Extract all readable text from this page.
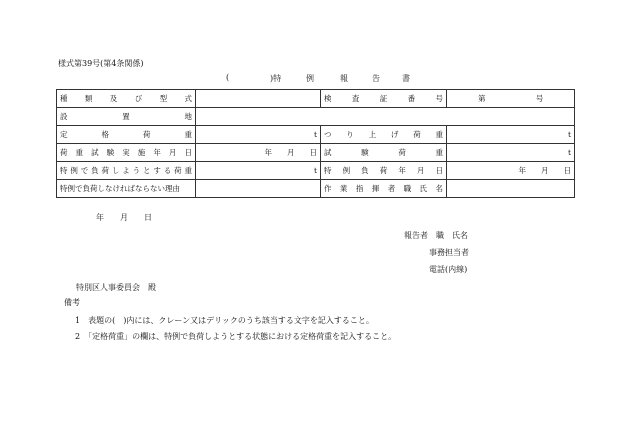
様式第39号(第4条関係)
(	)特	例	報	告	書
種　類　及　び　型　式		検　査　証　番　号	第 号
設　置　地			
定　格　荷　重	t	つ　り　上　げ　荷　重	t
荷 重 試 験 実 施 年 月 日	年　　月　　日	試　験　荷　重	t
特例で負荷しようとする荷重	t	特　例　負　荷　年　月　日	年　　月　　日
特例で負荷しなければならない理由		作 業 指 揮 者 職 氏 名	
年　　月　　日
報告者　職　氏名
事務担当者
電話(内線)
特別区人事委員会　殿
備考
1　表題の(　)内には、クレーン又はデリックのうち該当する文字を記入すること。
2　「定格荷重」の欄は、特例で負荷しようとする状態における定格荷重を記入すること。
